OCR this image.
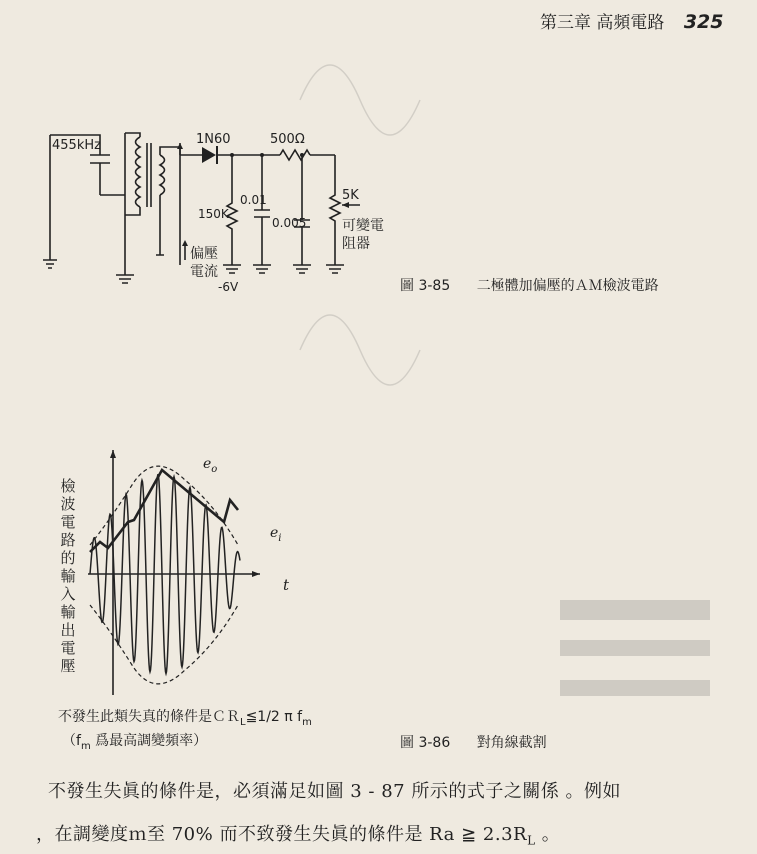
第三章 高頻電路 325
455kHz	1N60	500Ω
150K
0.01
0.005
5K
可變電
阻器
偏壓
電流
-6V	圖 3-85 二極體加偏壓的ＡＭ檢波電路
檢波電路的輸入輸出電壓
$e_o$
$e_i$
t
不發生此類失真的條件是ＣＲ$_L$≦1/2 π $f_m$
（$f_m$ 爲最高調變頻率）	圖 3-86 對角線截割
不發生失眞的條件是，必須滿足如圖 3 - 87 所示的式子之關係 。例如
，在調變度ｍ至 70% 而不致發生失眞的條件是 Ra ≧ $2.3R_L$ 。
